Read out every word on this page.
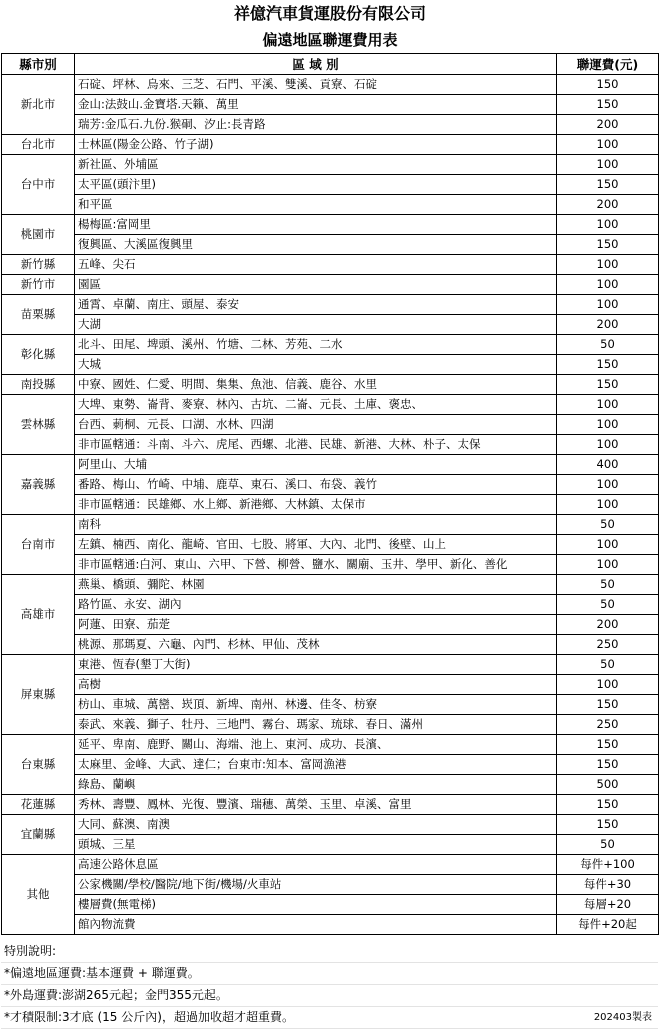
祥億汽車貨運股份有限公司
偏遠地區聯運費用表
縣市別	區 域 別	聯運費(元)
新北市	石碇、坪林、烏來、三芝、石門、平溪、雙溪、貢寮、石碇	150
	金山:法鼓山.金寶塔.天籟、萬里	150
	瑞芳:金瓜石.九份.猴硐、汐止:長青路	200
台北市	士林區(陽金公路、竹子湖)	100
台中市	新社區、外埔區	100
	太平區(頭汴里)	150
	和平區	200
桃園市	楊梅區:富岡里	100
	復興區、大溪區復興里	150
新竹縣	五峰、尖石	100
新竹市	園區	100
苗栗縣	通霄、卓蘭、南庄、頭屋、泰安	100
	大湖	200
彰化縣	北斗、田尾、埤頭、溪州、竹塘、二林、芳苑、二水	50
	大城	150
南投縣	中寮、國姓、仁愛、明間、集集、魚池、信義、鹿谷、水里	150
雲林縣	大埤、東勢、崙背、麥寮、林內、古坑、二崙、元長、土庫、褒忠、	100
	台西、莿桐、元長、口湖、水林、四湖	100
	非市區轄通：斗南、斗六、虎尾、西螺、北港、民雄、新港、大林、朴子、太保	100
嘉義縣	阿里山、大埔	400
	番路、梅山、竹崎、中埔、鹿草、東石、溪口、布袋、義竹	100
	非市區轄通：民雄鄉、水上鄉、新港鄉、大林鎮、太保市	100
台南市	南科	50
	左鎮、楠西、南化、龍崎、官田、七股、將軍、大內、北門、後壁、山上	100
	非市區轄通:白河、東山、六甲、下營、柳營、鹽水、關廟、玉井、學甲、新化、善化	100
高雄市	燕巢、橋頭、彌陀、林園	50
	路竹區、永安、湖內	50
	阿蓮、田寮、茄萣	200
	桃源、那瑪夏、六龜、內門、杉林、甲仙、茂林	250
屏東縣	東港、恆春(墾丁大街)	50
	高樹	100
	枋山、車城、萬巒、崁頂、新埤、南州、林邊、佳冬、枋寮	150
	泰武、來義、獅子、牡丹、三地門、霧台、瑪家、琉球、春日、滿州	250
台東縣	延平、卑南、鹿野、關山、海端、池上、東河、成功、長濱、	150
	太麻里、金峰、大武、達仁；台東市:知本、富岡漁港	150
	綠島、蘭嶼	500
花蓮縣	秀林、壽豐、鳳林、光復、豐濱、瑞穗、萬榮、玉里、卓溪、富里	150
宜蘭縣	大同、蘇澳、南澳	150
	頭城、三星	50
其他	高速公路休息區	每件+100
	公家機關/學校/醫院/地下街/機場/火車站	每件+30
	樓層費(無電梯)	每層+20
	館內物流費	每件+20起
特別說明:
*偏遠地區運費:基本運費 + 聯運費。
*外島運費:澎湖265元起；金門355元起。
*才積限制:3才底 (15 公斤內)，超過加收超才超重費。	202403製表
